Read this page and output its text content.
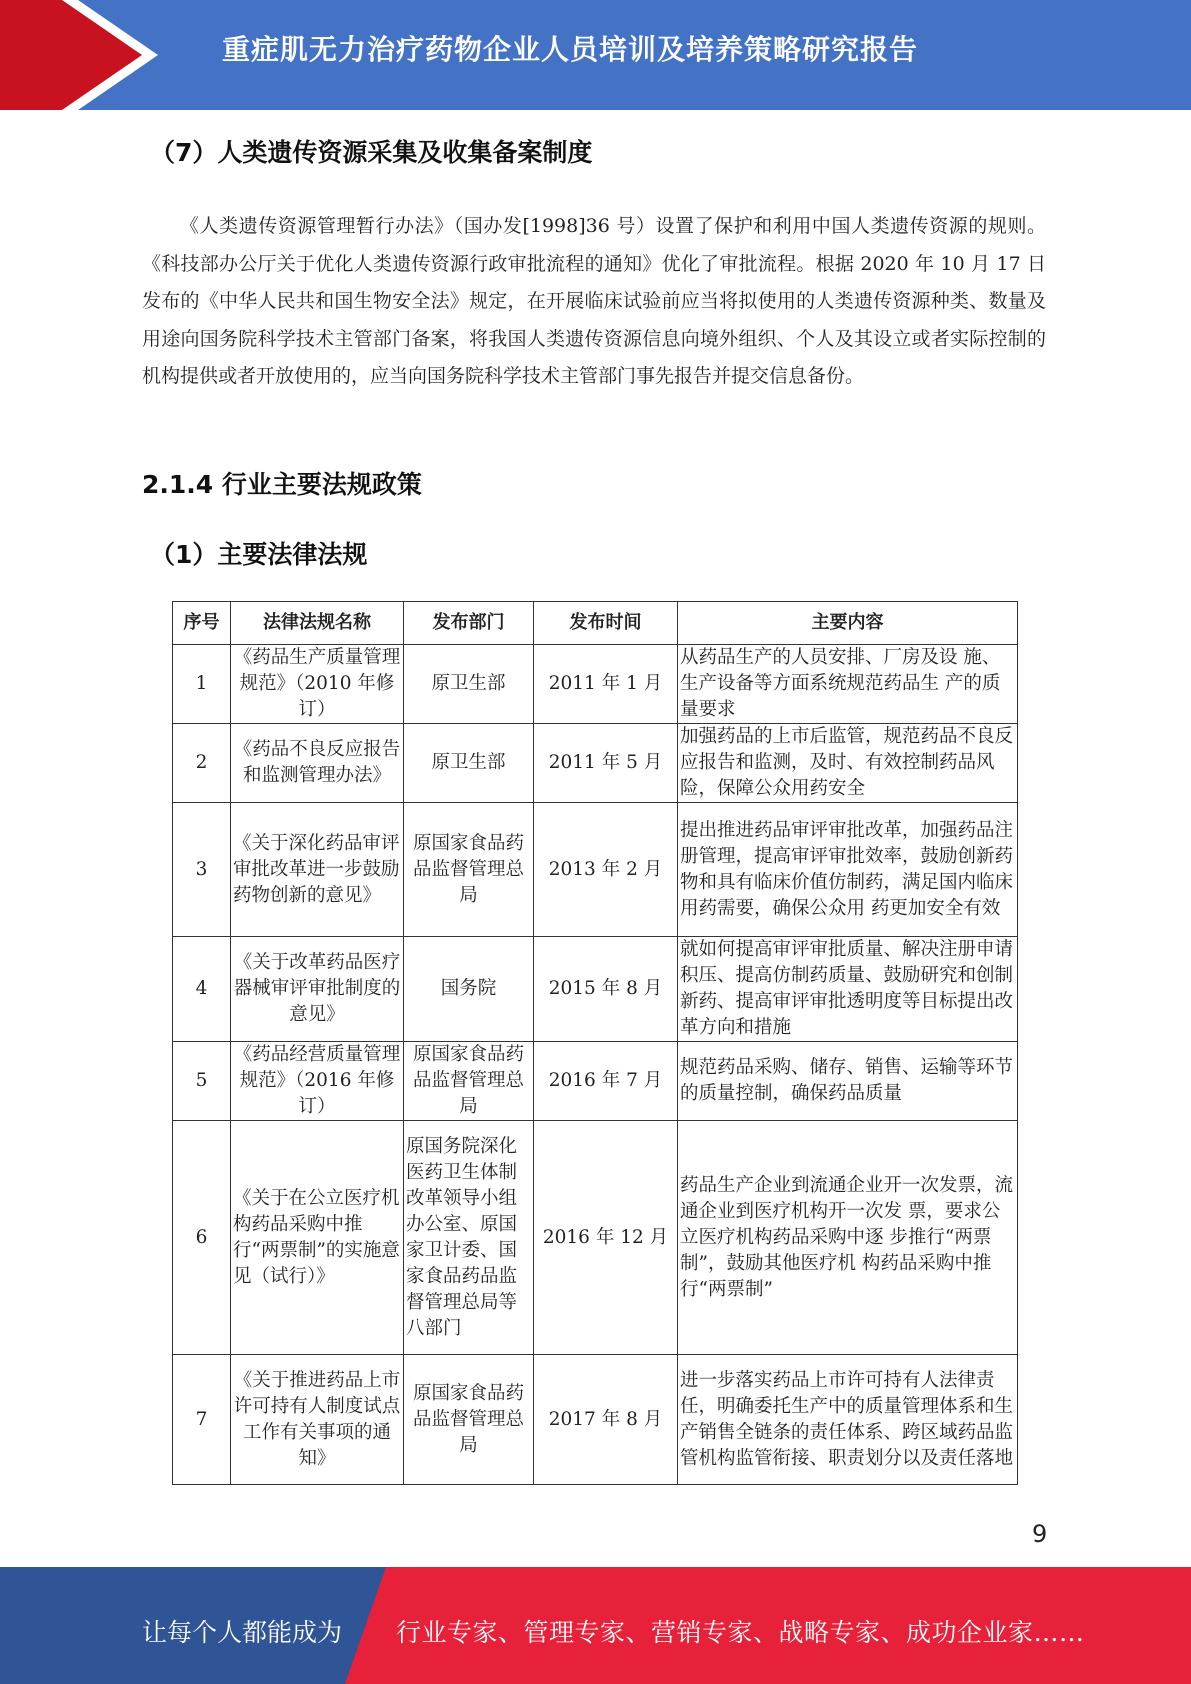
重症肌无力治疗药物企业人员培训及培养策略研究报告
（7）人类遗传资源采集及收集备案制度
《人类遗传资源管理暂行办法》（国办发[1998]36 号）设置了保护和利用中国人类遗传资源的规则。《科技部办公厅关于优化人类遗传资源行政审批流程的通知》优化了审批流程。根据 2020 年 10 月 17 日发布的《中华人民共和国生物安全法》规定，在开展临床试验前应当将拟使用的人类遗传资源种类、数量及用途向国务院科学技术主管部门备案，将我国人类遗传资源信息向境外组织、个人及其设立或者实际控制的机构提供或者开放使用的，应当向国务院科学技术主管部门事先报告并提交信息备份。
2.1.4 行业主要法规政策
（1）主要法律法规
序号	法律法规名称	发布部门	发布时间	主要内容
1	《药品生产质量管理规范》（2010 年修订）	原卫生部	2011 年 1 月	从药品生产的人员安排、厂房及设 施、生产设备等方面系统规范药品生 产的质量要求
2	《药品不良反应报告和监测管理办法》	原卫生部	2011 年 5 月	加强药品的上市后监管，规范药品不良反应报告和监测，及时、有效控制药品风险，保障公众用药安全
3	《关于深化药品审评审批改革进一步鼓励药物创新的意见》	原国家食品药品监督管理总局	2013 年 2 月	提出推进药品审评审批改革，加强药品注册管理，提高审评审批效率，鼓励创新药物和具有临床价值仿制药，满足国内临床用药需要，确保公众用 药更加安全有效
4	《关于改革药品医疗器械审评审批制度的意见》	国务院	2015 年 8 月	就如何提高审评审批质量、解决注册申请积压、提高仿制药质量、鼓励研究和创制新药、提高审评审批透明度等目标提出改革方向和措施
5	《药品经营质量管理规范》（2016 年修订）	原国家食品药品监督管理总局	2016 年 7 月	规范药品采购、储存、销售、运输等环节的质量控制，确保药品质量
6	《关于在公立医疗机构药品采购中推行“两票制”的实施意见（试行）》	原国务院深化医药卫生体制改革领导小组办公室、原国家卫计委、国家食品药品监督管理总局等八部门	2016 年 12 月	药品生产企业到流通企业开一次发票，流通企业到医疗机构开一次发 票，要求公立医疗机构药品采购中逐 步推行“两票制”，鼓励其他医疗机 构药品采购中推行“两票制”
7	《关于推进药品上市许可持有人制度试点工作有关事项的通知》	原国家食品药品监督管理总局	2017 年 8 月	进一步落实药品上市许可持有人法律责任，明确委托生产中的质量管理体系和生产销售全链条的责任体系、跨区域药品监管机构监管衔接、职责划分以及责任落地
9
让每个人都能成为 行业专家、管理专家、营销专家、战略专家、成功企业家……
